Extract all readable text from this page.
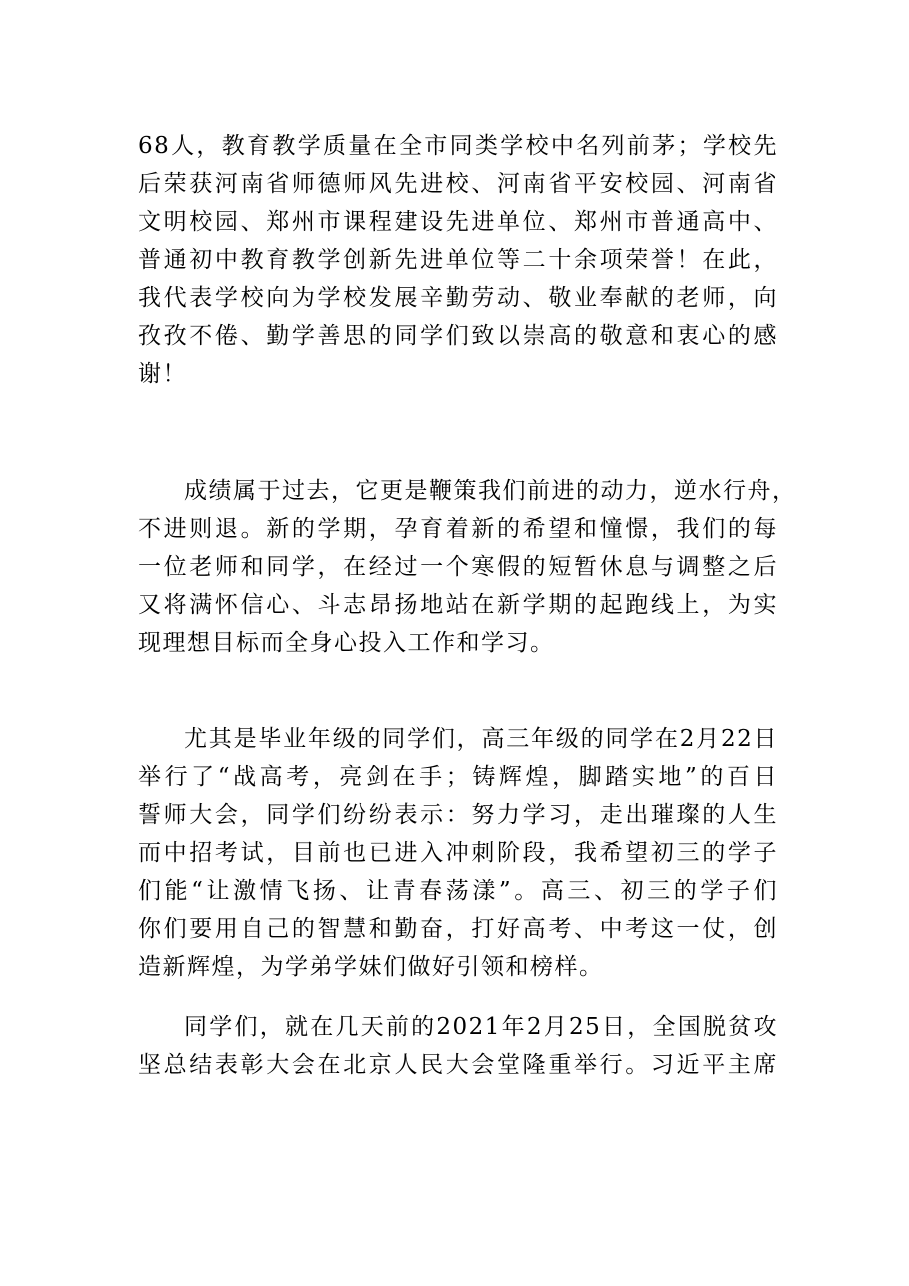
68人，教育教学质量在全市同类学校中名列前茅；学校先
后荣获河南省师德师风先进校、河南省平安校园、河南省
文明校园、郑州市课程建设先进单位、郑州市普通高中、
普通初中教育教学创新先进单位等二十余项荣誉！在此，
我代表学校向为学校发展辛勤劳动、敬业奉献的老师，向
孜孜不倦、勤学善思的同学们致以崇高的敬意和衷心的感
谢！
成绩属于过去，它更是鞭策我们前进的动力，逆水行舟，
不进则退。新的学期，孕育着新的希望和憧憬，我们的每
一位老师和同学，在经过一个寒假的短暂休息与调整之后
又将满怀信心、斗志昂扬地站在新学期的起跑线上，为实
现理想目标而全身心投入工作和学习。
尤其是毕业年级的同学们，高三年级的同学在2月22日
举行了“战高考，亮剑在手；铸辉煌，脚踏实地”的百日
誓师大会，同学们纷纷表示：努力学习，走出璀璨的人生
而中招考试，目前也已进入冲刺阶段，我希望初三的学子
们能“让激情飞扬、让青春荡漾”。高三、初三的学子们
你们要用自己的智慧和勤奋，打好高考、中考这一仗，创
造新辉煌，为学弟学妹们做好引领和榜样。
同学们，就在几天前的2021年2月25日，全国脱贫攻
坚总结表彰大会在北京人民大会堂隆重举行。习近平主席
